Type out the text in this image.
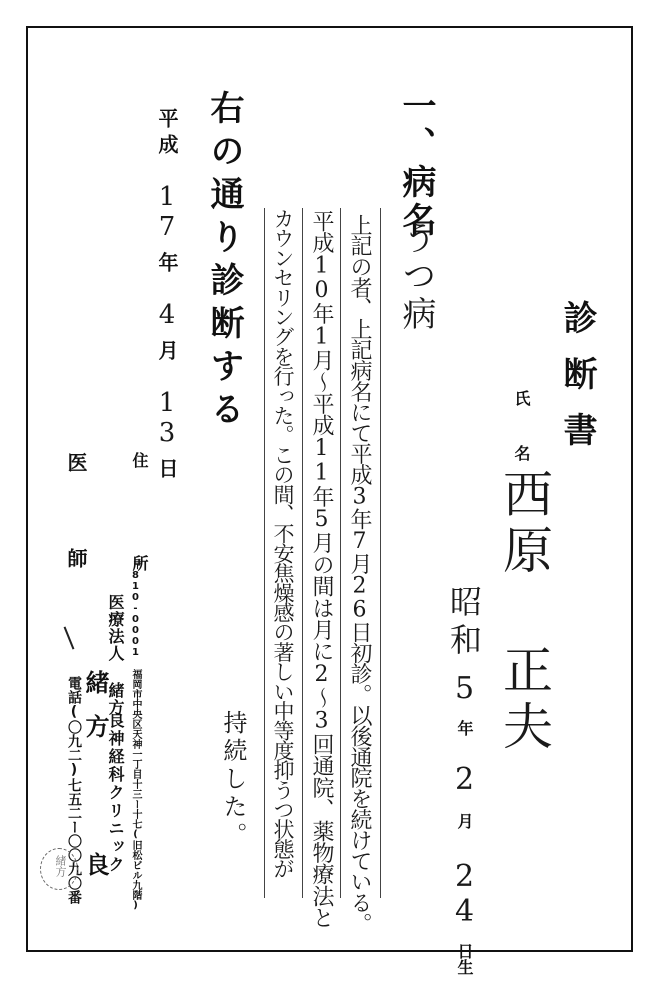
診断書
氏 名
西原 正夫
昭和5年2月24日生
一、病名
うつ病
上記の者、上記病名にて平成3年7月26日初診。以後通院を続けている。
平成10年1月〜平成11年5月の間は月に2〜3回通院、薬物療法と
カウンセリングを行った。この間、不安焦燥感の著しい中等度抑うつ状態が
持続した。
右の通り診断する
平成17年4月13日
住 所
医 師
〒810-0001 福岡市中央区天神一丁目十三ー十七(旧松ビル九階)
医療法人 緒方
良神経科クリニック
電話(〇九二)七五二ー〇〇九〇番 緒方
良
緒方
